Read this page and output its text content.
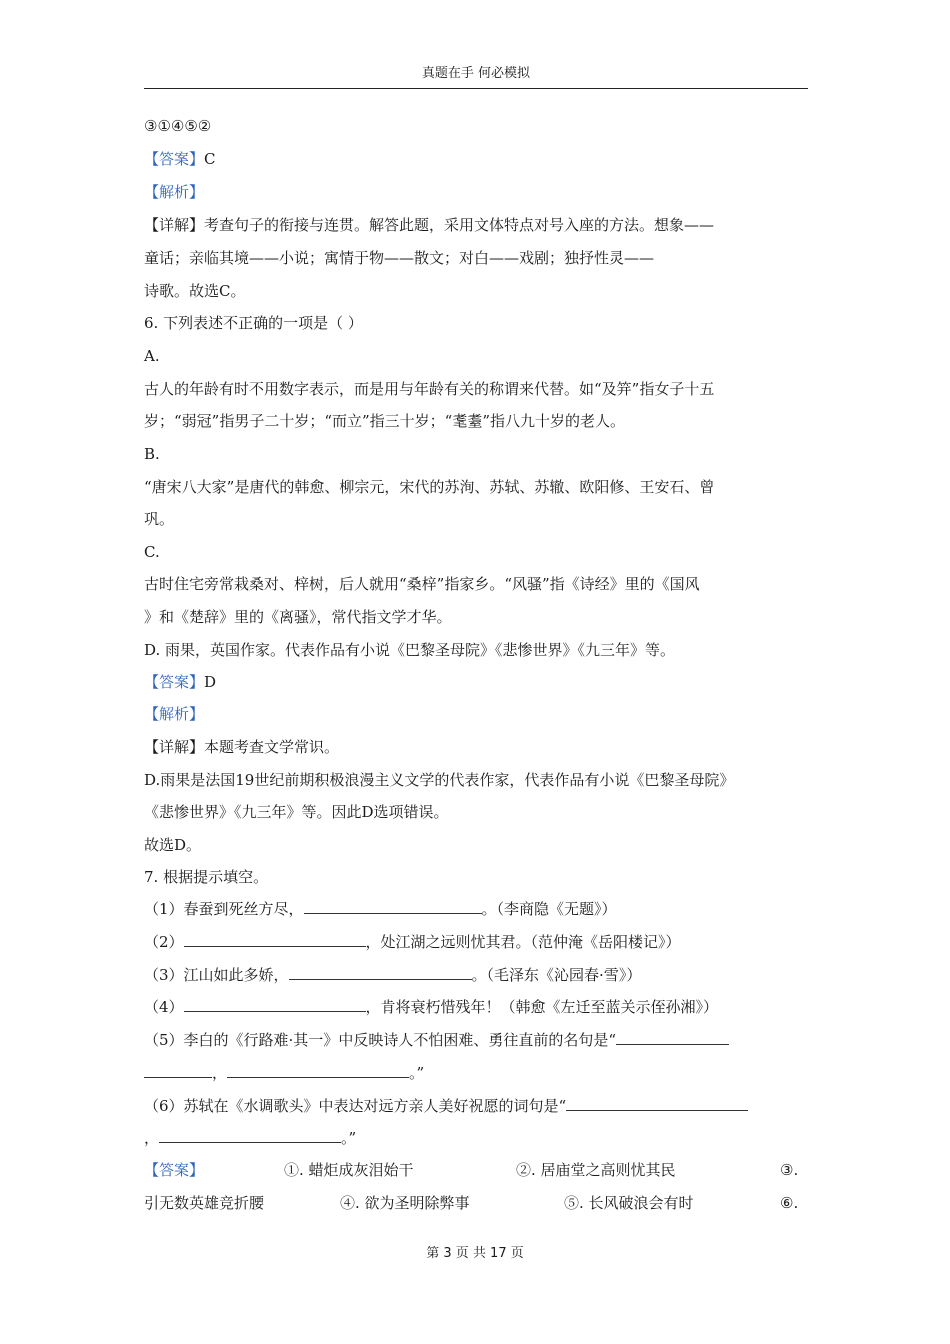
真题在手 何必模拟
③①④⑤②
【答案】C
【解析】
【详解】考查句子的衔接与连贯。解答此题，采用文体特点对号入座的方法。想象——
童话；亲临其境——小说；寓情于物——散文；对白——戏剧；独抒性灵——
诗歌。故选C。
6. 下列表述不正确的一项是（ ）
A.
古人的年龄有时不用数字表示，而是用与年龄有关的称谓来代替。如“及笄”指女子十五
岁；“弱冠”指男子二十岁；“而立”指三十岁；“耄耋”指八九十岁的老人。
B.
“唐宋八大家”是唐代的韩愈、柳宗元，宋代的苏洵、苏轼、苏辙、欧阳修、王安石、曾
巩。
C.
古时住宅旁常栽桑对、梓树，后人就用“桑梓”指家乡。“风骚”指《诗经》里的《国风
》和《楚辞》里的《离骚》，常代指文学才华。
D. 雨果，英国作家。代表作品有小说《巴黎圣母院》《悲惨世界》《九三年》等。
【答案】D
【解析】
【详解】本题考查文学常识。
D.雨果是法国19世纪前期积极浪漫主义文学的代表作家，代表作品有小说《巴黎圣母院》
《悲惨世界》《九三年》等。因此D选项错误。
故选D。
7. 根据提示填空。
（1）春蚕到死丝方尽，	。（李商隐《无题》）
（2）	，处江湖之远则忧其君。（范仲淹《岳阳楼记》）
（3）江山如此多娇，	。（毛泽东《沁园春·雪》）
（4）	，肯将衰朽惜残年！（韩愈《左迁至蓝关示侄孙湘》）
（5）李白的《行路难·其一》中反映诗人不怕困难、勇往直前的名句是“
，	。”
（6）苏轼在《水调歌头》中表达对远方亲人美好祝愿的词句是“
，	。”
【答案】	①. 蜡炬成灰泪始干	②. 居庙堂之高则忧其民	③.
引无数英雄竞折腰	④. 欲为圣明除弊事	⑤. 长风破浪会有时	⑥.
第 3 页 共 17 页
